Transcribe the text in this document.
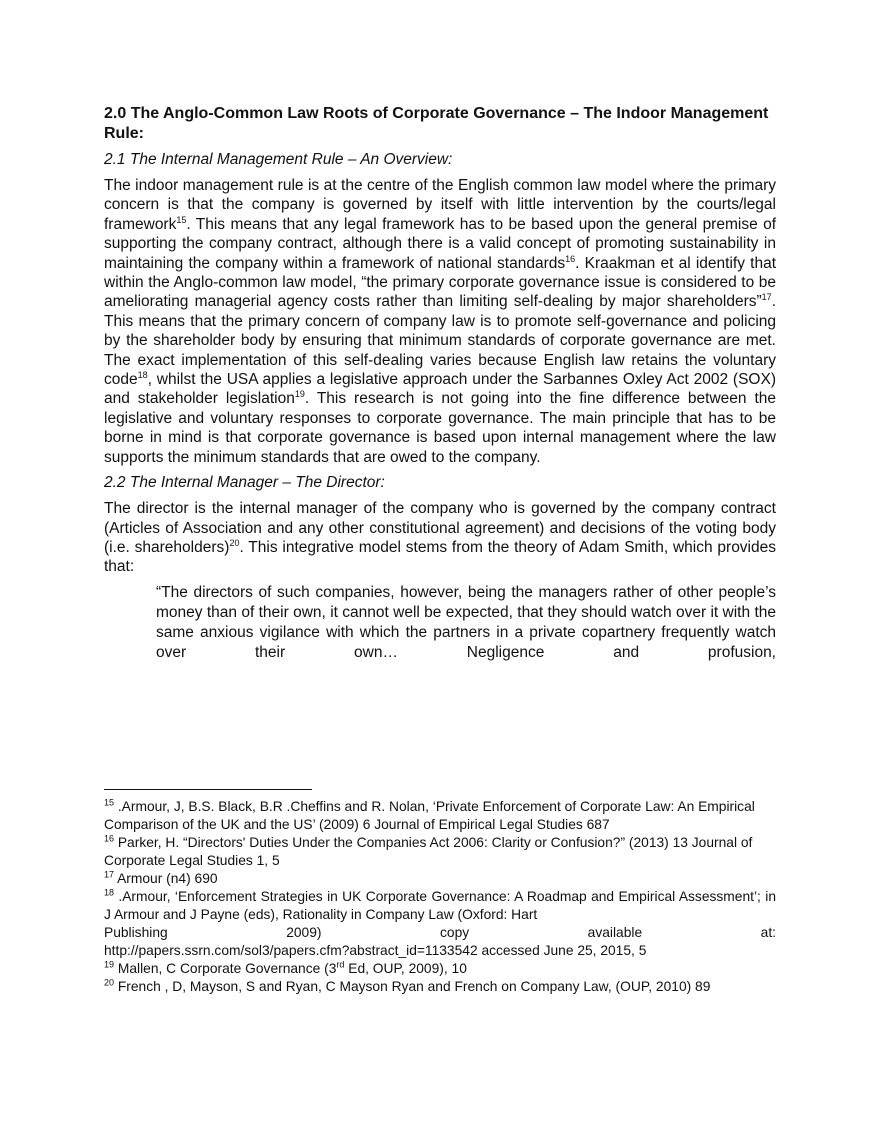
2.0 The Anglo-Common Law Roots of Corporate Governance – The Indoor Management Rule:

2.1 The Internal Management Rule – An Overview:

The indoor management rule is at the centre of the English common law model where the primary concern is that the company is governed by itself with little intervention by the courts/legal framework$^{15}$. This means that any legal framework has to be based upon the general premise of supporting the company contract, although there is a valid concept of promoting sustainability in maintaining the company within a framework of national standards$^{16}$. Kraakman et al identify that within the Anglo-common law model, “the primary corporate governance issue is considered to be ameliorating managerial agency costs rather than limiting self-dealing by major shareholders”$^{17}$. This means that the primary concern of company law is to promote self-governance and policing by the shareholder body by ensuring that minimum standards of corporate governance are met. The exact implementation of this self-dealing varies because English law retains the voluntary code$^{18}$, whilst the USA applies a legislative approach under the Sarbannes Oxley Act 2002 (SOX) and stakeholder legislation$^{19}$. This research is not going into the fine difference between the legislative and voluntary responses to corporate governance. The main principle that has to be borne in mind is that corporate governance is based upon internal management where the law supports the minimum standards that are owed to the company.

2.2 The Internal Manager – The Director:

The director is the internal manager of the company who is governed by the company contract (Articles of Association and any other constitutional agreement) and decisions of the voting body (i.e. shareholders)$^{20}$. This integrative model stems from the theory of Adam Smith, which provides that:

“The directors of such companies, however, being the managers rather of other people’s money than of their own, it cannot well be expected, that they should watch over it with the same anxious vigilance with which the partners in a private copartnery frequently watch over their own… Negligence and profusion,

$^{15}$ .Armour, J, B.S. Black, B.R .Cheffins and R. Nolan, ‘Private Enforcement of Corporate Law: An Empirical Comparison of the UK and the US’ (2009) 6 Journal of Empirical Legal Studies 687

$^{16}$ Parker, H. “Directors' Duties Under the Companies Act 2006: Clarity or Confusion?” (2013) 13 Journal of Corporate Legal Studies 1, 5

$^{17}$ Armour (n4) 690

$^{18}$ .Armour, ‘Enforcement Strategies in UK Corporate Governance: A Roadmap and Empirical Assessment’; in J Armour and J Payne (eds), Rationality in Company Law (Oxford: Hart

Publishing	2009)	copy	available	at:

http://papers.ssrn.com/sol3/papers.cfm?abstract_id=1133542 accessed June 25, 2015, 5

$^{19}$ Mallen, C Corporate Governance (3rd Ed, OUP, 2009), 10

$^{20}$ French , D, Mayson, S and Ryan, C Mayson Ryan and French on Company Law, (OUP, 2010) 89
